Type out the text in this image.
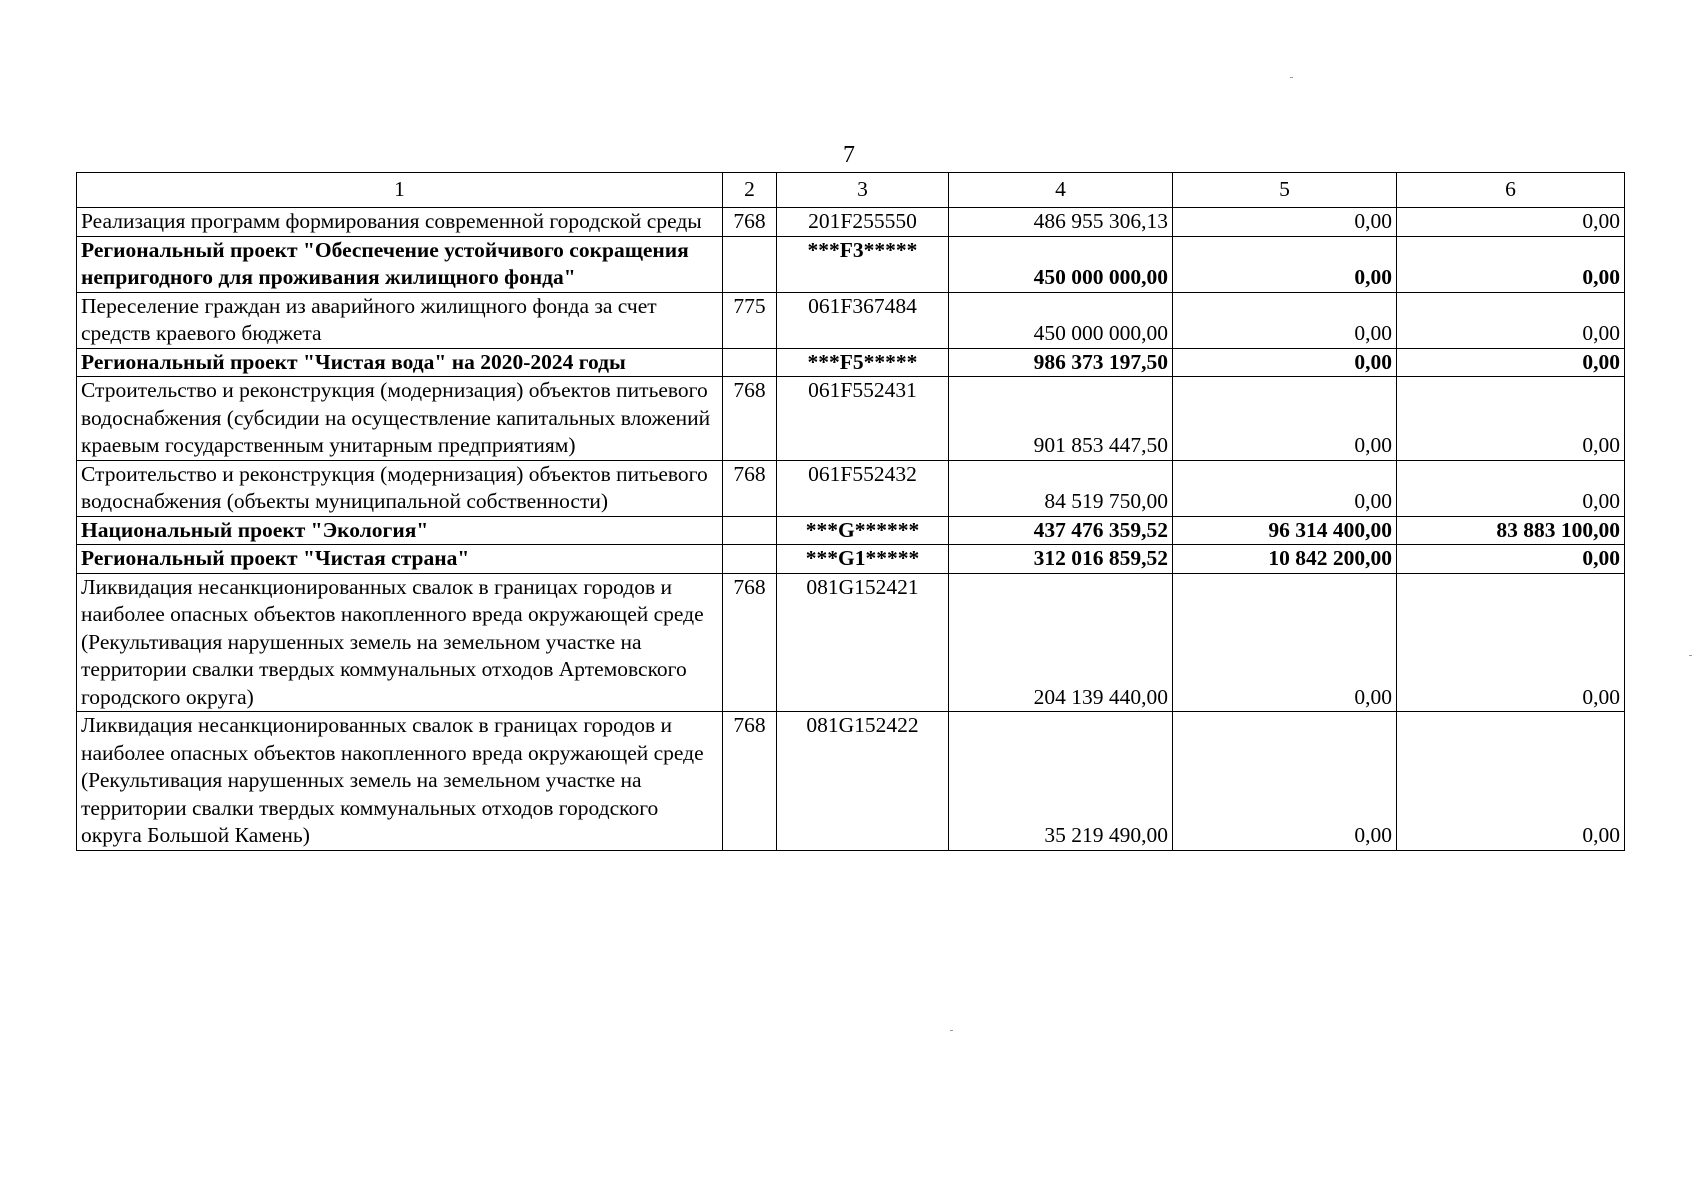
7
1	2	3	4	5	6
Реализация программ формирования современной городской среды	768	201F255550	486 955 306,13	0,00	0,00
Региональный проект "Обеспечение устойчивого сокращения непригодного для проживания жилищного фонда"		***F3*****	450 000 000,00	0,00	0,00
Переселение граждан из аварийного жилищного фонда за счет средств краевого бюджета	775	061F367484	450 000 000,00	0,00	0,00
Региональный проект "Чистая вода" на 2020-2024 годы		***F5*****	986 373 197,50	0,00	0,00
Строительство и реконструкция (модернизация) объектов питьевого водоснабжения (субсидии на осуществление капитальных вложений краевым государственным унитарным предприятиям)	768	061F552431	901 853 447,50	0,00	0,00
Строительство и реконструкция (модернизация) объектов питьевого водоснабжения (объекты муниципальной собственности)	768	061F552432	84 519 750,00	0,00	0,00
Национальный проект "Экология"		***G******	437 476 359,52	96 314 400,00	83 883 100,00
Региональный проект "Чистая страна"		***G1*****	312 016 859,52	10 842 200,00	0,00
Ликвидация несанкционированных свалок в границах городов и наиболее опасных объектов накопленного вреда окружающей среде (Рекультивация нарушенных земель на земельном участке на территории свалки твердых коммунальных отходов Артемовского городского округа)	768	081G152421	204 139 440,00	0,00	0,00
Ликвидация несанкционированных свалок в границах городов и наиболее опасных объектов накопленного вреда окружающей среде (Рекультивация нарушенных земель на земельном участке на территории свалки твердых коммунальных отходов городского округа Большой Камень)	768	081G152422	35 219 490,00	0,00	0,00
